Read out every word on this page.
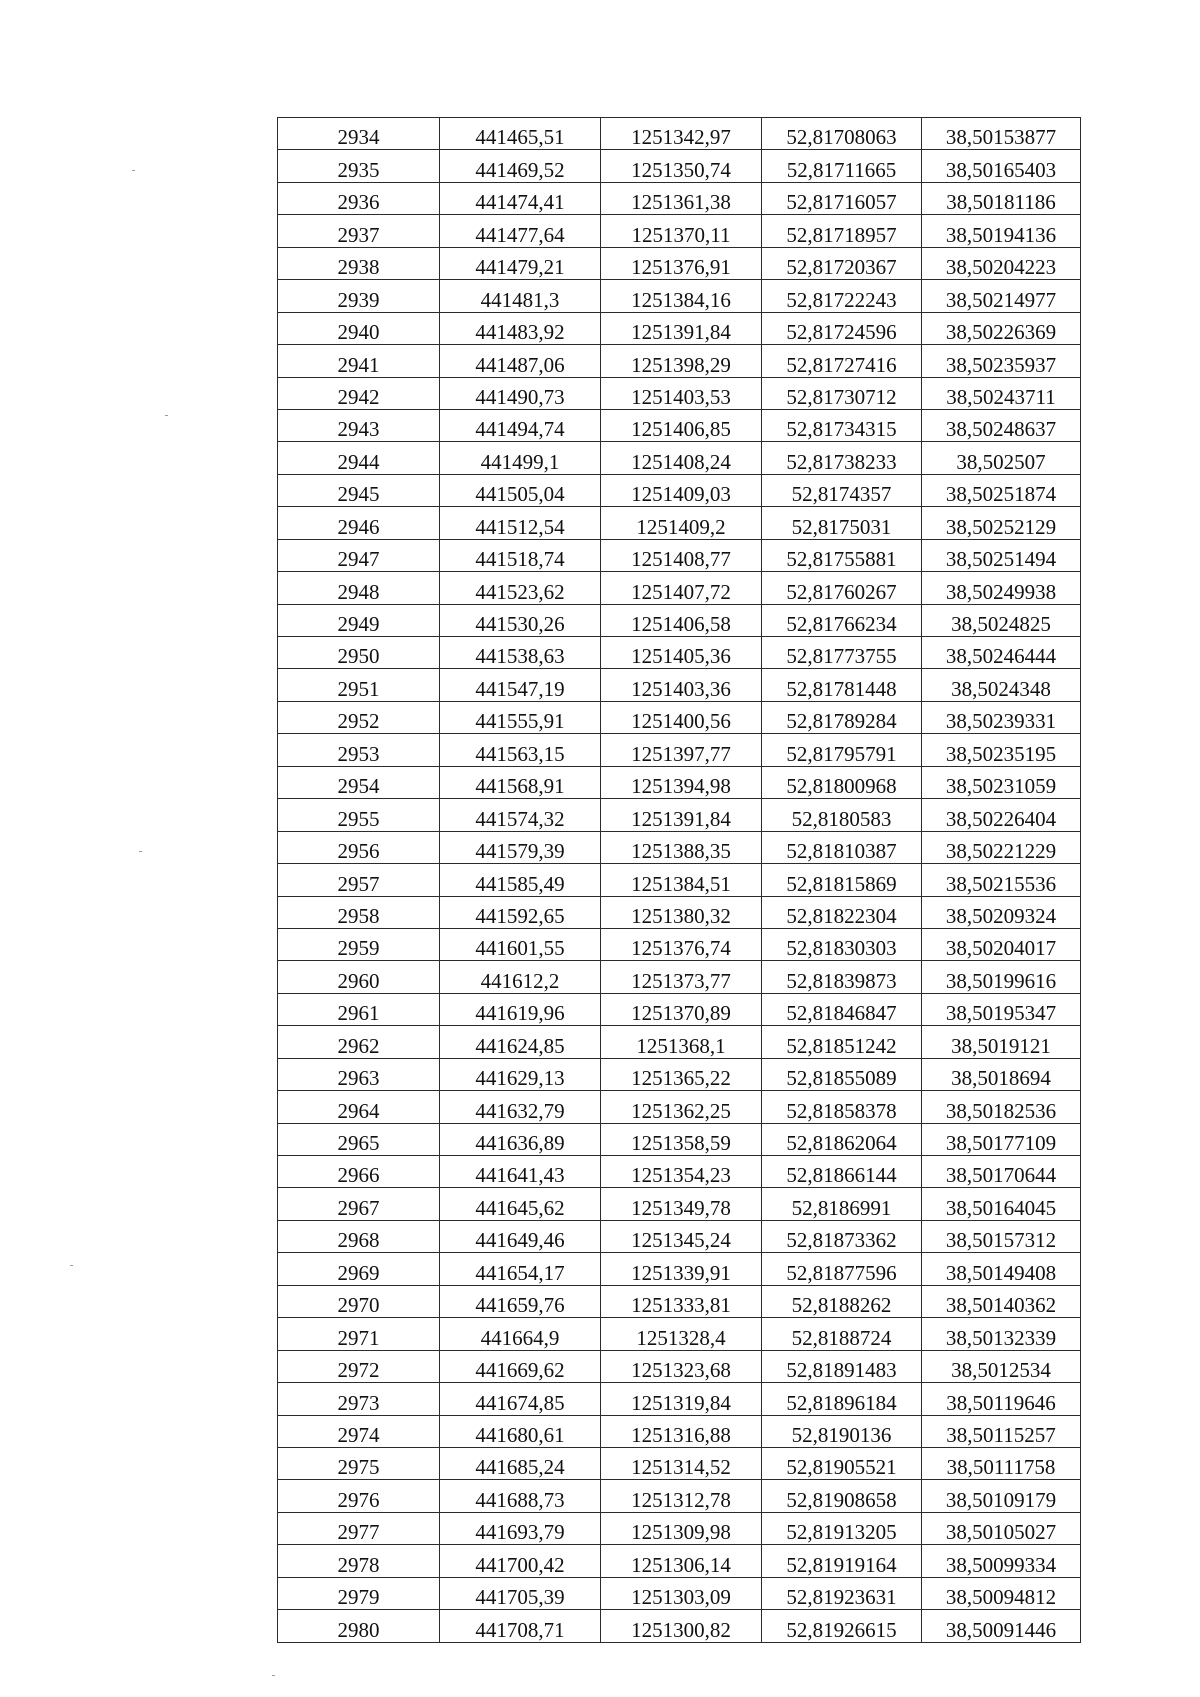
2934	441465,51	1251342,97	52,81708063	38,50153877
2935	441469,52	1251350,74	52,81711665	38,50165403
2936	441474,41	1251361,38	52,81716057	38,50181186
2937	441477,64	1251370,11	52,81718957	38,50194136
2938	441479,21	1251376,91	52,81720367	38,50204223
2939	441481,3	1251384,16	52,81722243	38,50214977
2940	441483,92	1251391,84	52,81724596	38,50226369
2941	441487,06	1251398,29	52,81727416	38,50235937
2942	441490,73	1251403,53	52,81730712	38,50243711
2943	441494,74	1251406,85	52,81734315	38,50248637
2944	441499,1	1251408,24	52,81738233	38,502507
2945	441505,04	1251409,03	52,8174357	38,50251874
2946	441512,54	1251409,2	52,8175031	38,50252129
2947	441518,74	1251408,77	52,81755881	38,50251494
2948	441523,62	1251407,72	52,81760267	38,50249938
2949	441530,26	1251406,58	52,81766234	38,5024825
2950	441538,63	1251405,36	52,81773755	38,50246444
2951	441547,19	1251403,36	52,81781448	38,5024348
2952	441555,91	1251400,56	52,81789284	38,50239331
2953	441563,15	1251397,77	52,81795791	38,50235195
2954	441568,91	1251394,98	52,81800968	38,50231059
2955	441574,32	1251391,84	52,8180583	38,50226404
2956	441579,39	1251388,35	52,81810387	38,50221229
2957	441585,49	1251384,51	52,81815869	38,50215536
2958	441592,65	1251380,32	52,81822304	38,50209324
2959	441601,55	1251376,74	52,81830303	38,50204017
2960	441612,2	1251373,77	52,81839873	38,50199616
2961	441619,96	1251370,89	52,81846847	38,50195347
2962	441624,85	1251368,1	52,81851242	38,5019121
2963	441629,13	1251365,22	52,81855089	38,5018694
2964	441632,79	1251362,25	52,81858378	38,50182536
2965	441636,89	1251358,59	52,81862064	38,50177109
2966	441641,43	1251354,23	52,81866144	38,50170644
2967	441645,62	1251349,78	52,8186991	38,50164045
2968	441649,46	1251345,24	52,81873362	38,50157312
2969	441654,17	1251339,91	52,81877596	38,50149408
2970	441659,76	1251333,81	52,8188262	38,50140362
2971	441664,9	1251328,4	52,8188724	38,50132339
2972	441669,62	1251323,68	52,81891483	38,5012534
2973	441674,85	1251319,84	52,81896184	38,50119646
2974	441680,61	1251316,88	52,8190136	38,50115257
2975	441685,24	1251314,52	52,81905521	38,50111758
2976	441688,73	1251312,78	52,81908658	38,50109179
2977	441693,79	1251309,98	52,81913205	38,50105027
2978	441700,42	1251306,14	52,81919164	38,50099334
2979	441705,39	1251303,09	52,81923631	38,50094812
2980	441708,71	1251300,82	52,81926615	38,50091446
